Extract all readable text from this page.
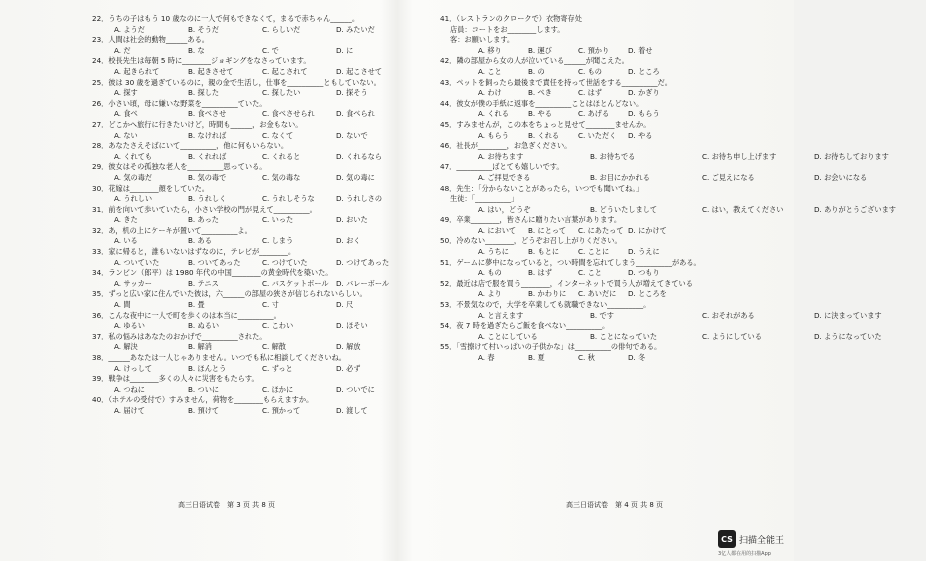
22．うちの子はもう 10 歳なのに一人で何もできなくて，まるで赤ちゃん______。
A. ようだ	B. そうだ	C. らしいだ	D. みたいだ
23．人間は社会的動物______ある。
A. だ	B. な	C. で	D. に
24．校長先生は毎朝 5 時に________ジョギングをなさっています。
A. 起きられて	B. 起きさせて	C. 起こされて	D. 起こさせて
25．彼は 30 歳を過ぎているのに，親の金で生活し，仕事を__________ともしていない。
A. 探す	B. 探した	C. 探したい	D. 探そう
26．小さい頃，母に嫌いな野菜を__________ていた。
A. 食べ	B. 食べさせ	C. 食べさせられ	D. 食べられ
27．どこかへ旅行に行きたいけど，時間も______，お金もない。
A. ない	B. なければ	C. なくて	D. ないで
28．あなたさえそばにいて__________，他に何もいらない。
A. くれても	B. くれれば	C. くれると	D. くれるなら
29．彼女はその孤独な老人を__________思っている。
A. 気の毒だ	B. 気の毒で	C. 気の毒な	D. 気の毒に
30．花嫁は________顔をしていた。
A. うれしい	B. うれしく	C. うれしそうな	D. うれしさの
31．前を向いて歩いていたら，小さい学校の門が見えて__________。
A. きた	B. あった	C. いった	D. おいた
32．あ，机の上にケーキが置いて__________よ。
A. いる	B. ある	C. しまう	D. おく
33．家に帰ると，誰もいないはずなのに，テレビが________。
A. ついていた	B. ついてあった	C. つけていた	D. つけてあった
34．ランビン（郎平）は 1980 年代の中国________の黄金時代を築いた。
A. サッカー	B. テニス	C. バスケットボール	D. バレーボール
35．ずっと広い家に住んでいた彼は，六______の部屋の狭さが信じられないらしい。
A. 間	B. 畳	C. 寸	D. 尺
36．こんな夜中に一人で町を歩くのは本当に__________。
A. ゆるい	B. ぬるい	C. こわい	D. ほそい
37．私の悩みはあなたのおかげで__________された。
A. 解決	B. 解消	C. 解散	D. 解放
38．______あなたは一人じゃありません。いつでも私に相談してくださいね。
A. けっして	B. ほんとう	C. ずっと	D. 必ず
39．戦争は________多くの人々に災害をもたらす。
A. つねに	B. ついに	C. ほかに	D. ついでに
40．（ホテルの受付で）すみません，荷物を________もらえますか。
A. 届けて	B. 預けて	C. 預かって	D. 渡して
41．（レストランのクロークで）衣物寄存处
店員：コートをお________します。
客：お願いします。
A. 移り	B. 運び	C. 預かり	D. 着せ
42．隣の部屋から女の人が泣いている______が聞こえた。
A. こと	B. の	C. もの	D. ところ
43．ペットを飼ったら最後まで責任を持って世話をする__________だ。
A. わけ	B. べき	C. はず	D. かぎり
44．彼女が僕の手紙に返事を__________ことはほとんどない。
A. くれる	B. やる	C. あげる	D. もらう
45．すみませんが，この本をちょっと見せて________ませんか。
A. もらう	B. くれる	C. いただく	D. やる
46．社長が________，お急ぎください。
A. お待ちます	B. お待ちでる	C. お待ち申し上げます	D. お待ちしております
47．__________ばとても嬉しいです。
A. ご拝見できる	B. お目にかかれる	C. ご見えになる	D. お会いになる
48．先生：「分からないことがあったら，いつでも聞いてね。」
生徒：「__________」
A. はい，どうぞ	B. どういたしまして	C. はい，教えてください	D. ありがとうございます
49．卒業________，皆さんに贈りたい言葉があります。
A. において	B. にとって	C. にあたって D. にかけて
50．冷めない________，どうぞお召し上がりください。
A. うちに	B. もとに	C. ことに	D. うえに
51．ゲームに夢中になっていると，つい時間を忘れてしまう__________がある。
A. もの	B. はず	C. こと	D. つもり
52．最近は店で服を買う________，インターネットで買う人が増えてきている
A. より	B. かわりに	C. あいだに	D. ところを
53．不景気なので，大学を卒業しても就職できない__________。
A. と言えます	B. です	C. おそれがある	D. に決まっています
54．夜 7 時を過ぎたらご飯を食べない__________。
A. ことにしている	B. ことになっていた	C. ようにしている	D. ようになっていた
55．「雪擦けて村いっぱいの子供かな」は__________の俳句である。
A. 春	B. 夏	C. 秋	D. 冬
高三日语试卷　第 3 页 共 8 页	高三日语试卷　第 4 页 共 8 页
CS 扫描全能王
3亿人都在用的扫描App
